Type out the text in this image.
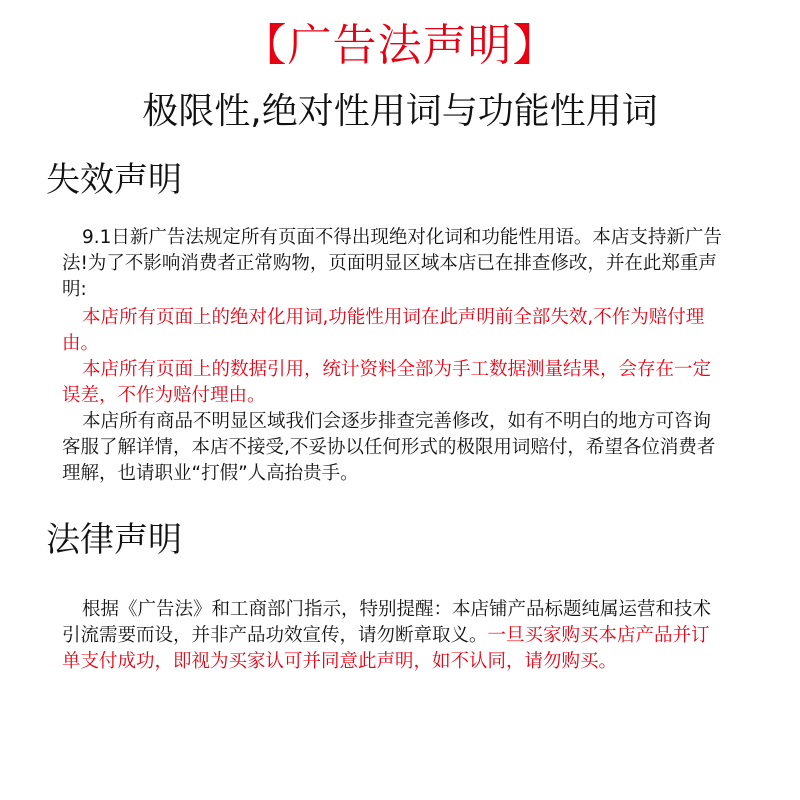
【广告法声明】
极限性,绝对性用词与功能性用词
失效声明
9.1日新广告法规定所有页面不得出现绝对化词和功能性用语。本店支持新广告法!为了不影响消费者正常购物，页面明显区域本店已在排查修改，并在此郑重声明:
本店所有页面上的绝对化用词,功能性用词在此声明前全部失效,不作为赔付理由。
本店所有页面上的数据引用，统计资料全部为手工数据测量结果，会存在一定误差，不作为赔付理由。
本店所有商品不明显区域我们会逐步排查完善修改，如有不明白的地方可咨询客服了解详情，本店不接受,不妥协以任何形式的极限用词赔付，希望各位消费者理解，也请职业“打假”人高抬贵手。
法律声明
根据《广告法》和工商部门指示，特别提醒：本店铺产品标题纯属运营和技术引流需要而设，并非产品功效宣传，请勿断章取义。一旦买家购买本店产品并订单支付成功，即视为买家认可并同意此声明，如不认同，请勿购买。
